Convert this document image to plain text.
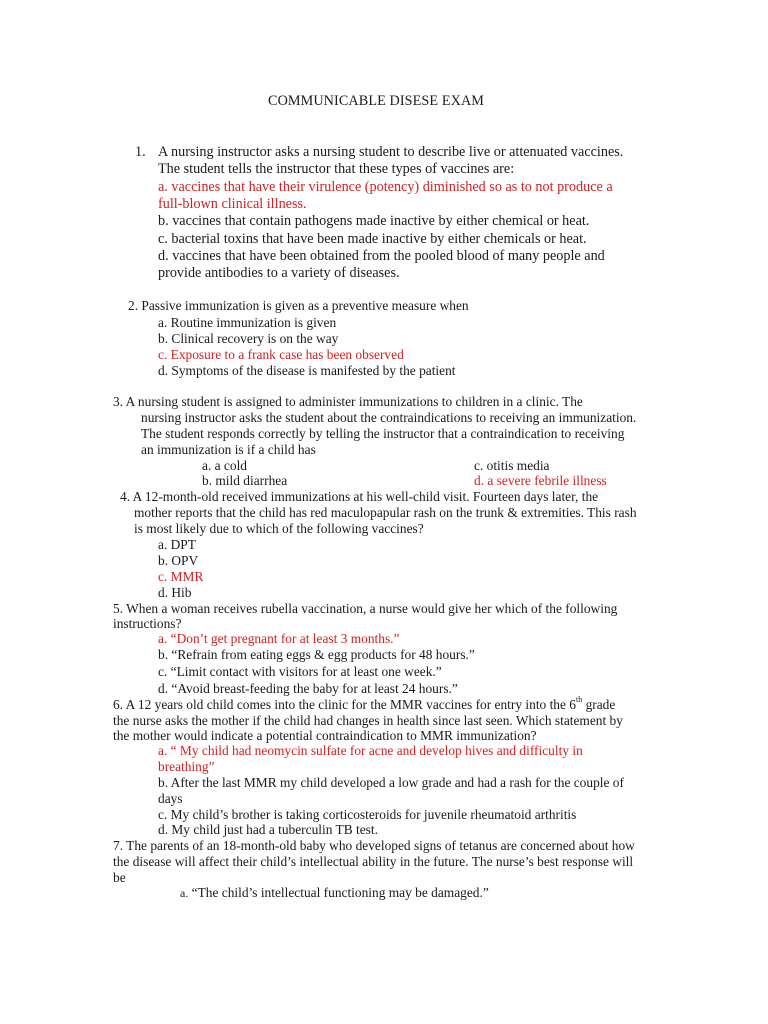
COMMUNICABLE DISESE EXAM
1. A nursing instructor asks a nursing student to describe live or attenuated vaccines.
The student tells the instructor that these types of vaccines are:
a. vaccines that have their virulence (potency) diminished so as to not produce a
full-blown clinical illness.
b. vaccines that contain pathogens made inactive by either chemical or heat.
c. bacterial toxins that have been made inactive by either chemicals or heat.
d. vaccines that have been obtained from the pooled blood of many people and
provide antibodies to a variety of diseases.
2. Passive immunization is given as a preventive measure when
a. Routine immunization is given
b. Clinical recovery is on the way
c. Exposure to a frank case has been observed
d. Symptoms of the disease is manifested by the patient
3. A nursing student is assigned to administer immunizations to children in a clinic. The
nursing instructor asks the student about the contraindications to receiving an immunization.
The student responds correctly by telling the instructor that a contraindication to receiving
an immunization is if a child has
a. a cold
b. mild diarrhea
c. otitis media
d. a severe febrile illness
4. A 12-month-old received immunizations at his well-child visit. Fourteen days later, the
mother reports that the child has red maculopapular rash on the trunk & extremities. This rash
is most likely due to which of the following vaccines?
a. DPT
b. OPV
c. MMR
d. Hib
5. When a woman receives rubella vaccination, a nurse would give her which of the following
instructions?
a. “Don’t get pregnant for at least 3 months.”
b. “Refrain from eating eggs & egg products for 48 hours.”
c. “Limit contact with visitors for at least one week.”
d. “Avoid breast-feeding the baby for at least 24 hours.”
6. A 12 years old child comes into the clinic for the MMR vaccines for entry into the 6th grade
the nurse asks the mother if the child had changes in health since last seen. Which statement by
the mother would indicate a potential contraindication to MMR immunization?
a. “ My child had neomycin sulfate for acne and develop hives and difficulty in
breathing”
b. After the last MMR my child developed a low grade and had a rash for the couple of
days
c. My child’s brother is taking corticosteroids for juvenile rheumatoid arthritis
d. My child just had a tuberculin TB test.
7. The parents of an 18-month-old baby who developed signs of tetanus are concerned about how
the disease will affect their child’s intellectual ability in the future. The nurse’s best response will
be
a. “The child’s intellectual functioning may be damaged.”
